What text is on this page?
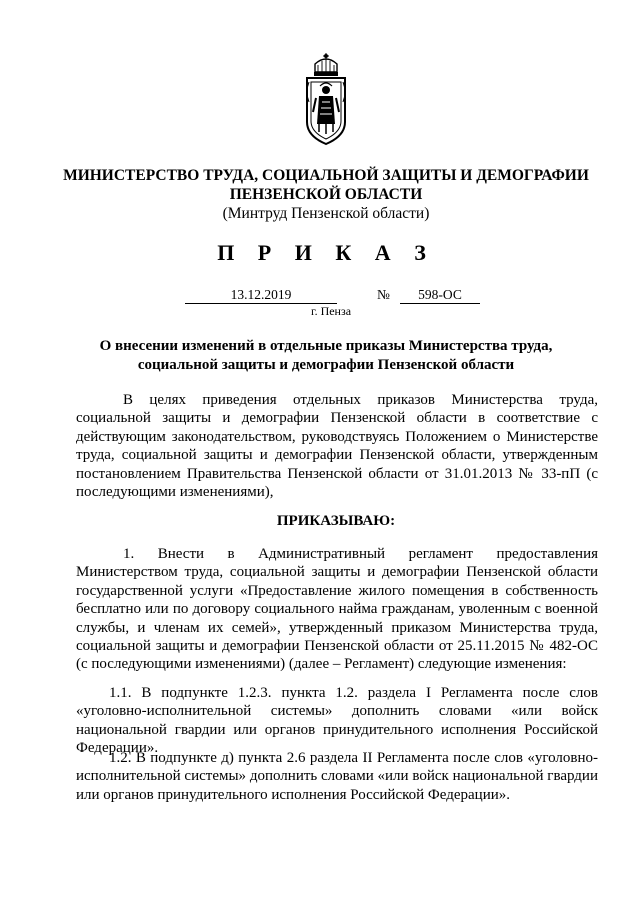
МИНИСТЕРСТВО ТРУДА, СОЦИАЛЬНОЙ ЗАЩИТЫ И ДЕМОГРАФИИ
ПЕНЗЕНСКОЙ ОБЛАСТИ
(Минтруд Пензенской области)
П Р И К А З
13.12.2019	№	598-ОС
г. Пенза
О внесении изменений в отдельные приказы Министерства труда,
социальной защиты и демографии Пензенской области

В целях приведения отдельных приказов Министерства труда, социальной защиты и демографии Пензенской области в соответствие с действующим законодательством, руководствуясь Положением о Министерстве труда, социальной защиты и демографии Пензенской области, утвержденным постановлением Правительства Пензенской области от 31.01.2013 № 33-пП (с последующими изменениями),

ПРИКАЗЫВАЮ:

1. Внести в Административный регламент предоставления Министерством труда, социальной защиты и демографии Пензенской области государственной услуги «Предоставление жилого помещения в собственность бесплатно или по договору социального найма гражданам, уволенным с военной службы, и членам их семей», утвержденный приказом Министерства труда, социальной защиты и демографии Пензенской области от 25.11.2015 № 482-ОС (с последующими изменениями) (далее – Регламент) следующие изменения:

1.1. В подпункте 1.2.3. пункта 1.2. раздела I Регламента после слов «уголовно-исполнительной системы» дополнить словами «или войск национальной гвардии или органов принудительного исполнения Российской Федерации».

1.2. В подпункте д) пункта 2.6 раздела II Регламента после слов «уголовно-исполнительной системы» дополнить словами «или войск национальной гвардии или органов принудительного исполнения Российской Федерации».
